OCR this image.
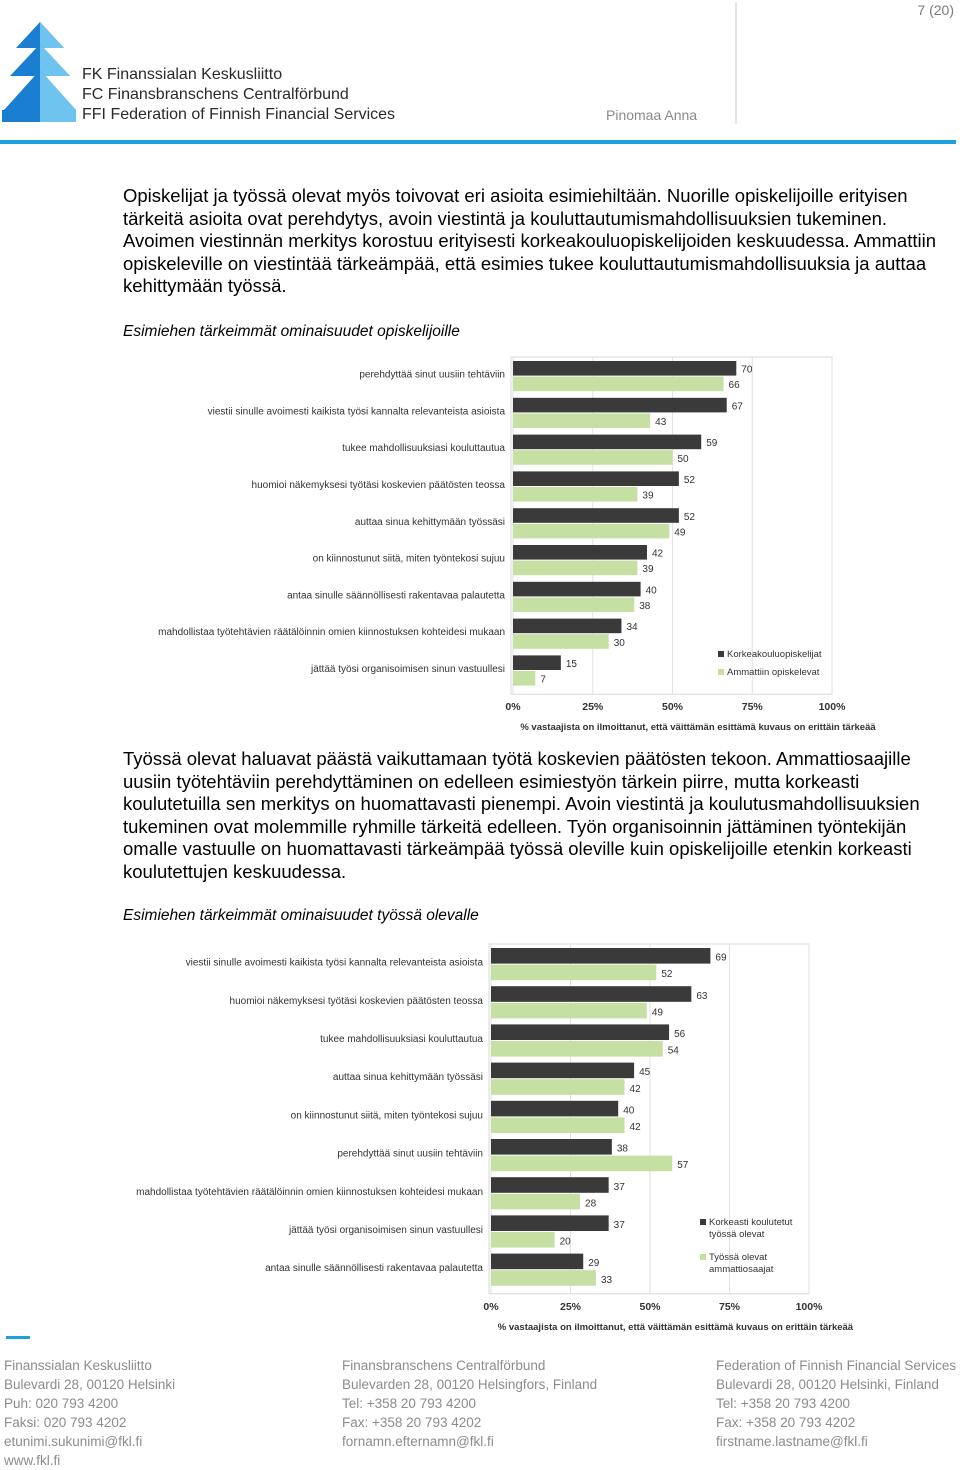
7 (20)
FK Finanssialan Keskusliitto
FC Finansbranschens Centralförbund
FFI Federation of Finnish Financial Services	Pinomaa Anna
Opiskelijat ja työssä olevat myös toivovat eri asioita esimiehiltään. Nuorille opiskelijoille erityisen tärkeitä asioita ovat perehdytys, avoin viestintä ja kouluttautumismahdollisuuksien tukeminen. Avoimen viestinnän merkitys korostuu erityisesti korkeakouluopiskelijoiden keskuudessa. Ammattiin opiskeleville on viestintää tärkeämpää, että esimies tukee kouluttautumismahdollisuuksia ja auttaa kehittymään työssä.
Esimiehen tärkeimmät ominaisuudet opiskelijoille
0%	25%	50%	75%	100%
perehdyttää sinut uusiin tehtäviin	70
66
viestii sinulle avoimesti kaikista työsi kannalta relevanteista asioista	67
43
tukee mahdollisuuksiasi kouluttautua	59
50
huomioi näkemyksesi työtäsi koskevien päätösten teossa	52
39
auttaa sinua kehittymään työssäsi	52
49
on kiinnostunut siitä, miten työntekosi sujuu	42
39
antaa sinulle säännöllisesti rakentavaa palautetta	40
38
mahdollistaa työtehtävien räätälöinnin omien kiinnostuksen kohteidesi mukaan	34
30
jättää työsi organisoimisen sinun vastuullesi	15
7
% vastaajista on ilmoittanut, että väittämän esittämä kuvaus on erittäin tärkeää
Korkeakouluopiskelijat
Ammattiin opiskelevat
Työssä olevat haluavat päästä vaikuttamaan työtä koskevien päätösten tekoon. Ammattiosaajille uusiin työtehtäviin perehdyttäminen on edelleen esimiestyön tärkein piirre, mutta korkeasti koulutetuilla sen merkitys on huomattavasti pienempi. Avoin viestintä ja koulutusmahdollisuuksien tukeminen ovat molemmille ryhmille tärkeitä edelleen. Työn organisoinnin jättäminen työntekijän omalle vastuulle on huomattavasti tärkeämpää työssä oleville kuin opiskelijoille etenkin korkeasti koulutettujen keskuudessa.
Esimiehen tärkeimmät ominaisuudet työssä olevalle
0%	25%	50%	75%	100%
viestii sinulle avoimesti kaikista työsi kannalta relevanteista asioista	69
52
huomioi näkemyksesi työtäsi koskevien päätösten teossa	63
49
tukee mahdollisuuksiasi kouluttautua	56
54
auttaa sinua kehittymään työssäsi	45
42
on kiinnostunut siitä, miten työntekosi sujuu	40
42
perehdyttää sinut uusiin tehtäviin	38
57
mahdollistaa työtehtävien räätälöinnin omien kiinnostuksen kohteidesi mukaan	37
28
jättää työsi organisoimisen sinun vastuullesi	37
20
antaa sinulle säännöllisesti rakentavaa palautetta	29
33
% vastaajista on ilmoittanut, että väittämän esittämä kuvaus on erittäin tärkeää
Korkeasti koulutetut
työssä olevat
Työssä olevat
ammattiosaajat
Finanssialan Keskusliitto
Bulevardi 28, 00120 Helsinki
Puh: 020 793 4200
Faksi: 020 793 4202
etunimi.sukunimi@fkl.fi
www.fkl.fi
Finansbranschens Centralförbund
Bulevarden 28, 00120 Helsingfors, Finland
Tel: +358 20 793 4200
Fax: +358 20 793 4202
fornamn.efternamn@fkl.fi
Federation of Finnish Financial Services
Bulevardi 28, 00120 Helsinki, Finland
Tel: +358 20 793 4200
Fax: +358 20 793 4202
firstname.lastname@fkl.fi
